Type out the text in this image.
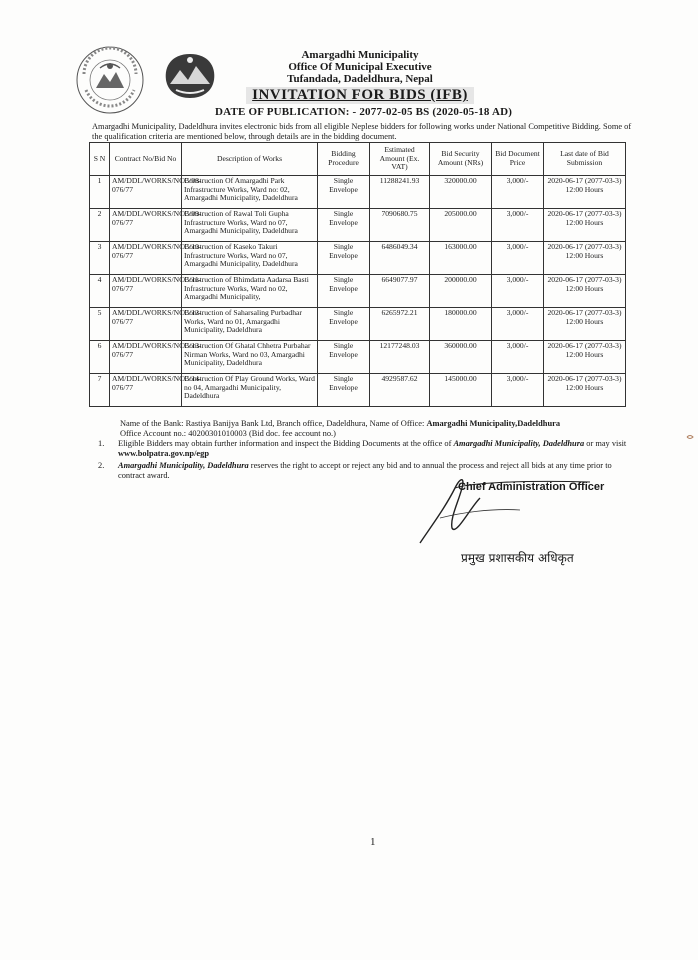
Amargadhi Municipality
Office Of Municipal Executive
Tufandada, Dadeldhura, Nepal
INVITATION FOR BIDS (IFB)
DATE OF PUBLICATION: - 2077-02-05 BS (2020-05-18 AD)
Amargadhi Municipality, Dadeldhura invites electronic bids from all eligible Neplese bidders for following works under National Competitive Bidding. Some of the qualification criteria are mentioned below, through details are in the bidding document.
S N	Contract No/Bid No	Description of Works	Bidding Procedure	Estimated Amount (Ex. VAT)	Bid Security Amount (NRs)	Bid Document Price	Last date of Bid Submission
1	AM/DDL/WORKS/NCB/08-076/77	Construction Of Amargadhi Park Infrastructure Works, Ward no: 02, Amargadhi Municipality, Dadeldhura	Single Envelope	11288241.93	320000.00	3,000/-	2020-06-17 (2077-03-3) 12:00 Hours
2	AM/DDL/WORKS/NCB/09-076/77	Construction of Rawal Toli Gupha Infrastructure Works, Ward no 07, Amargadhi Municipality, Dadeldhura	Single Envelope	7090680.75	205000.00	3,000/-	2020-06-17 (2077-03-3) 12:00 Hours
3	AM/DDL/WORKS/NCB/10-076/77	Construction of Kaseko Takuri Infrastructure Works, Ward no 07, Amargadhi Municipality, Dadeldhura	Single Envelope	6486049.34	163000.00	3,000/-	2020-06-17 (2077-03-3) 12:00 Hours
4	AM/DDL/WORKS/NCB/11-076/77	Construction of Bhimdatta Aadarsa Basti Infrastructure Works, Ward no 02, Amargadhi Municipality,	Single Envelope	6649077.97	200000.00	3,000/-	2020-06-17 (2077-03-3) 12:00 Hours
5	AM/DDL/WORKS/NCB/12-076/77	Construction of Saharsaling Purbadhar Works, Ward no 01, Amargadhi Municipality, Dadeldhura	Single Envelope	6265972.21	180000.00	3,000/-	2020-06-17 (2077-03-3) 12:00 Hours
6	AM/DDL/WORKS/NCB/13-076/77	Construction Of Ghatal Chhetra Purbahar Nirman Works, Ward no 03, Amargadhi Municipality, Dadeldhura	Single Envelope	12177248.03	360000.00	3,000/-	2020-06-17 (2077-03-3) 12:00 Hours
7	AM/DDL/WORKS/NCB/14-076/77	Construction Of Play Ground Works, Ward no 04, Amargadhi Municipality, Dadeldhura	Single Envelope	4929587.62	145000.00	3,000/-	2020-06-17 (2077-03-3) 12:00 Hours
Name of the Bank: Rastiya Banijya Bank Ltd, Branch office, Dadeldhura, Name of Office: Amargadhi Municipality,Dadeldhura
Office Account no.: 40200301010003 (Bid doc. fee account no.)
1. Eligible Bidders may obtain further information and inspect the Bidding Documents at the office of Amargadhi Municipality, Dadeldhura or may visit www.bolpatra.gov.np/egp
2. Amargadhi Municipality, Dadeldhura reserves the right to accept or reject any bid and to annual the process and reject all bids at any time prior to contract award.
Chief Administration Officer
प्रमुख प्रशासकीय अधिकृत
1
